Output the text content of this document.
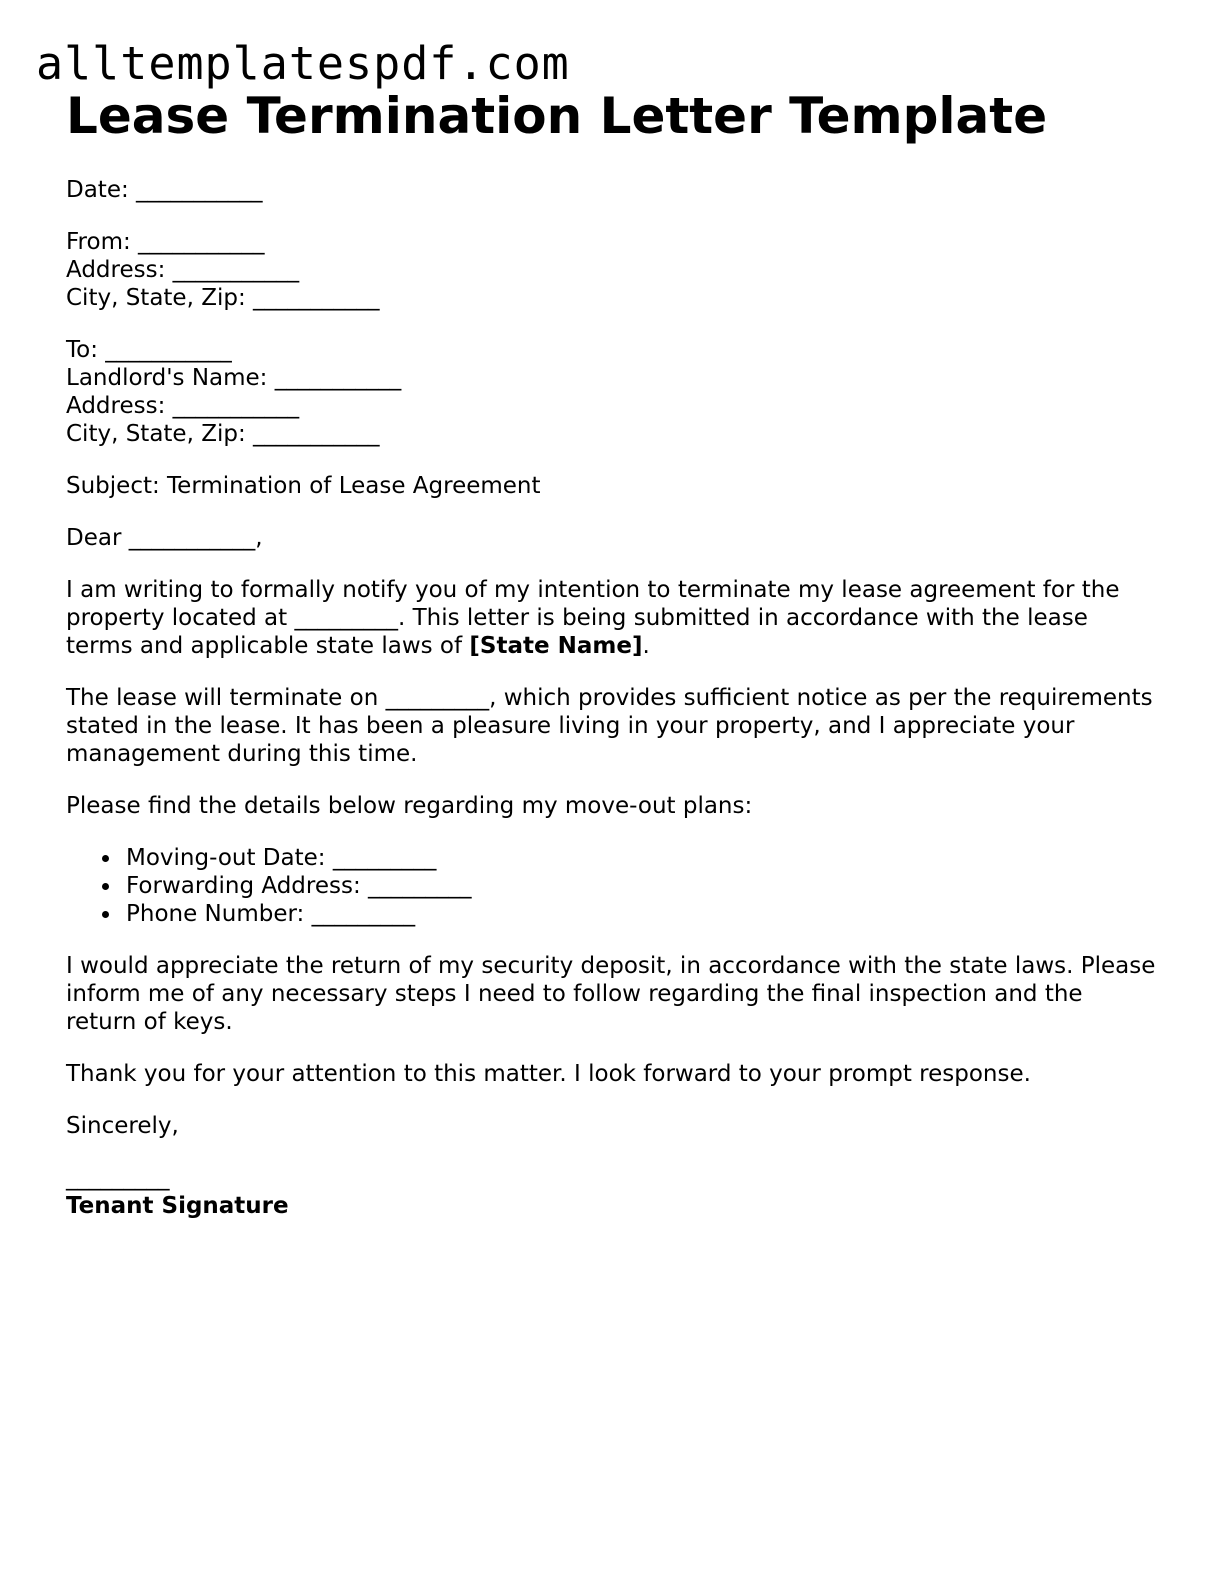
alltemplatespdf.com
Lease Termination Letter Template
Date: ___________
From: ___________
Address: ___________
City, State, Zip: ___________
To: ___________
Landlord's Name: ___________
Address: ___________
City, State, Zip: ___________

Subject: Termination of Lease Agreement

Dear ___________,

I am writing to formally notify you of my intention to terminate my lease agreement for the property located at _________. This letter is being submitted in accordance with the lease terms and applicable state laws of [State Name].

The lease will terminate on _________, which provides sufficient notice as per the requirements stated in the lease. It has been a pleasure living in your property, and I appreciate your management during this time.

Please find the details below regarding my move-out plans:

Moving-out Date: _________
Forwarding Address: _________
Phone Number: _________

I would appreciate the return of my security deposit, in accordance with the state laws. Please inform me of any necessary steps I need to follow regarding the final inspection and the return of keys.

Thank you for your attention to this matter. I look forward to your prompt response.

Sincerely,

_________
Tenant Signature
